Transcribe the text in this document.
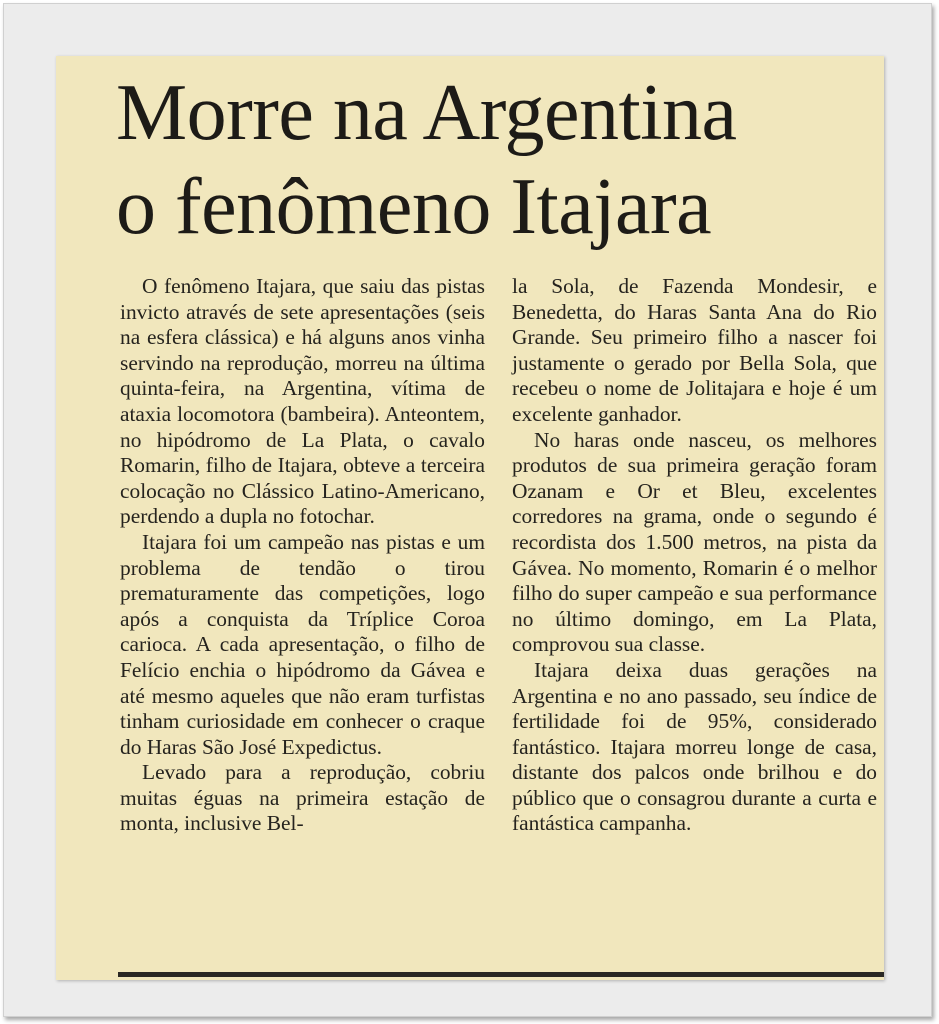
Morre na Argentina
o fenômeno Itajara

O fenômeno Itajara, que saiu das pistas invicto através de sete apresentações (seis na esfera clássica) e há alguns anos vinha servindo na reprodução, morreu na última quinta-feira, na Argentina, vítima de ataxia locomotora (bambeira). Anteontem, no hipódromo de La Plata, o cavalo Romarin, filho de Itajara, obteve a terceira colocação no Clássico Latino-Americano, perdendo a dupla no fotochar.

Itajara foi um campeão nas pistas e um problema de tendão o tirou prematuramente das competições, logo após a conquista da Tríplice Coroa carioca. A cada apresentação, o filho de Felício enchia o hipódromo da Gávea e até mesmo aqueles que não eram turfistas tinham curiosidade em conhecer o craque do Haras São José Expedictus.

Levado para a reprodução, cobriu muitas éguas na primeira estação de monta, inclusive Bel-

la Sola, de Fazenda Mondesir, e Benedetta, do Haras Santa Ana do Rio Grande. Seu primeiro filho a nascer foi justamente o gerado por Bella Sola, que recebeu o nome de Jolitajara e hoje é um excelente ganhador.

No haras onde nasceu, os melhores produtos de sua primeira geração foram Ozanam e Or et Bleu, excelentes corredores na grama, onde o segundo é recordista dos 1.500 metros, na pista da Gávea. No momento, Romarin é o melhor filho do super campeão e sua performance no último domingo, em La Plata, comprovou sua classe.

Itajara deixa duas gerações na Argentina e no ano passado, seu índice de fertilidade foi de 95%, considerado fantástico. Itajara morreu longe de casa, distante dos palcos onde brilhou e do público que o consagrou durante a curta e fantástica campanha.
